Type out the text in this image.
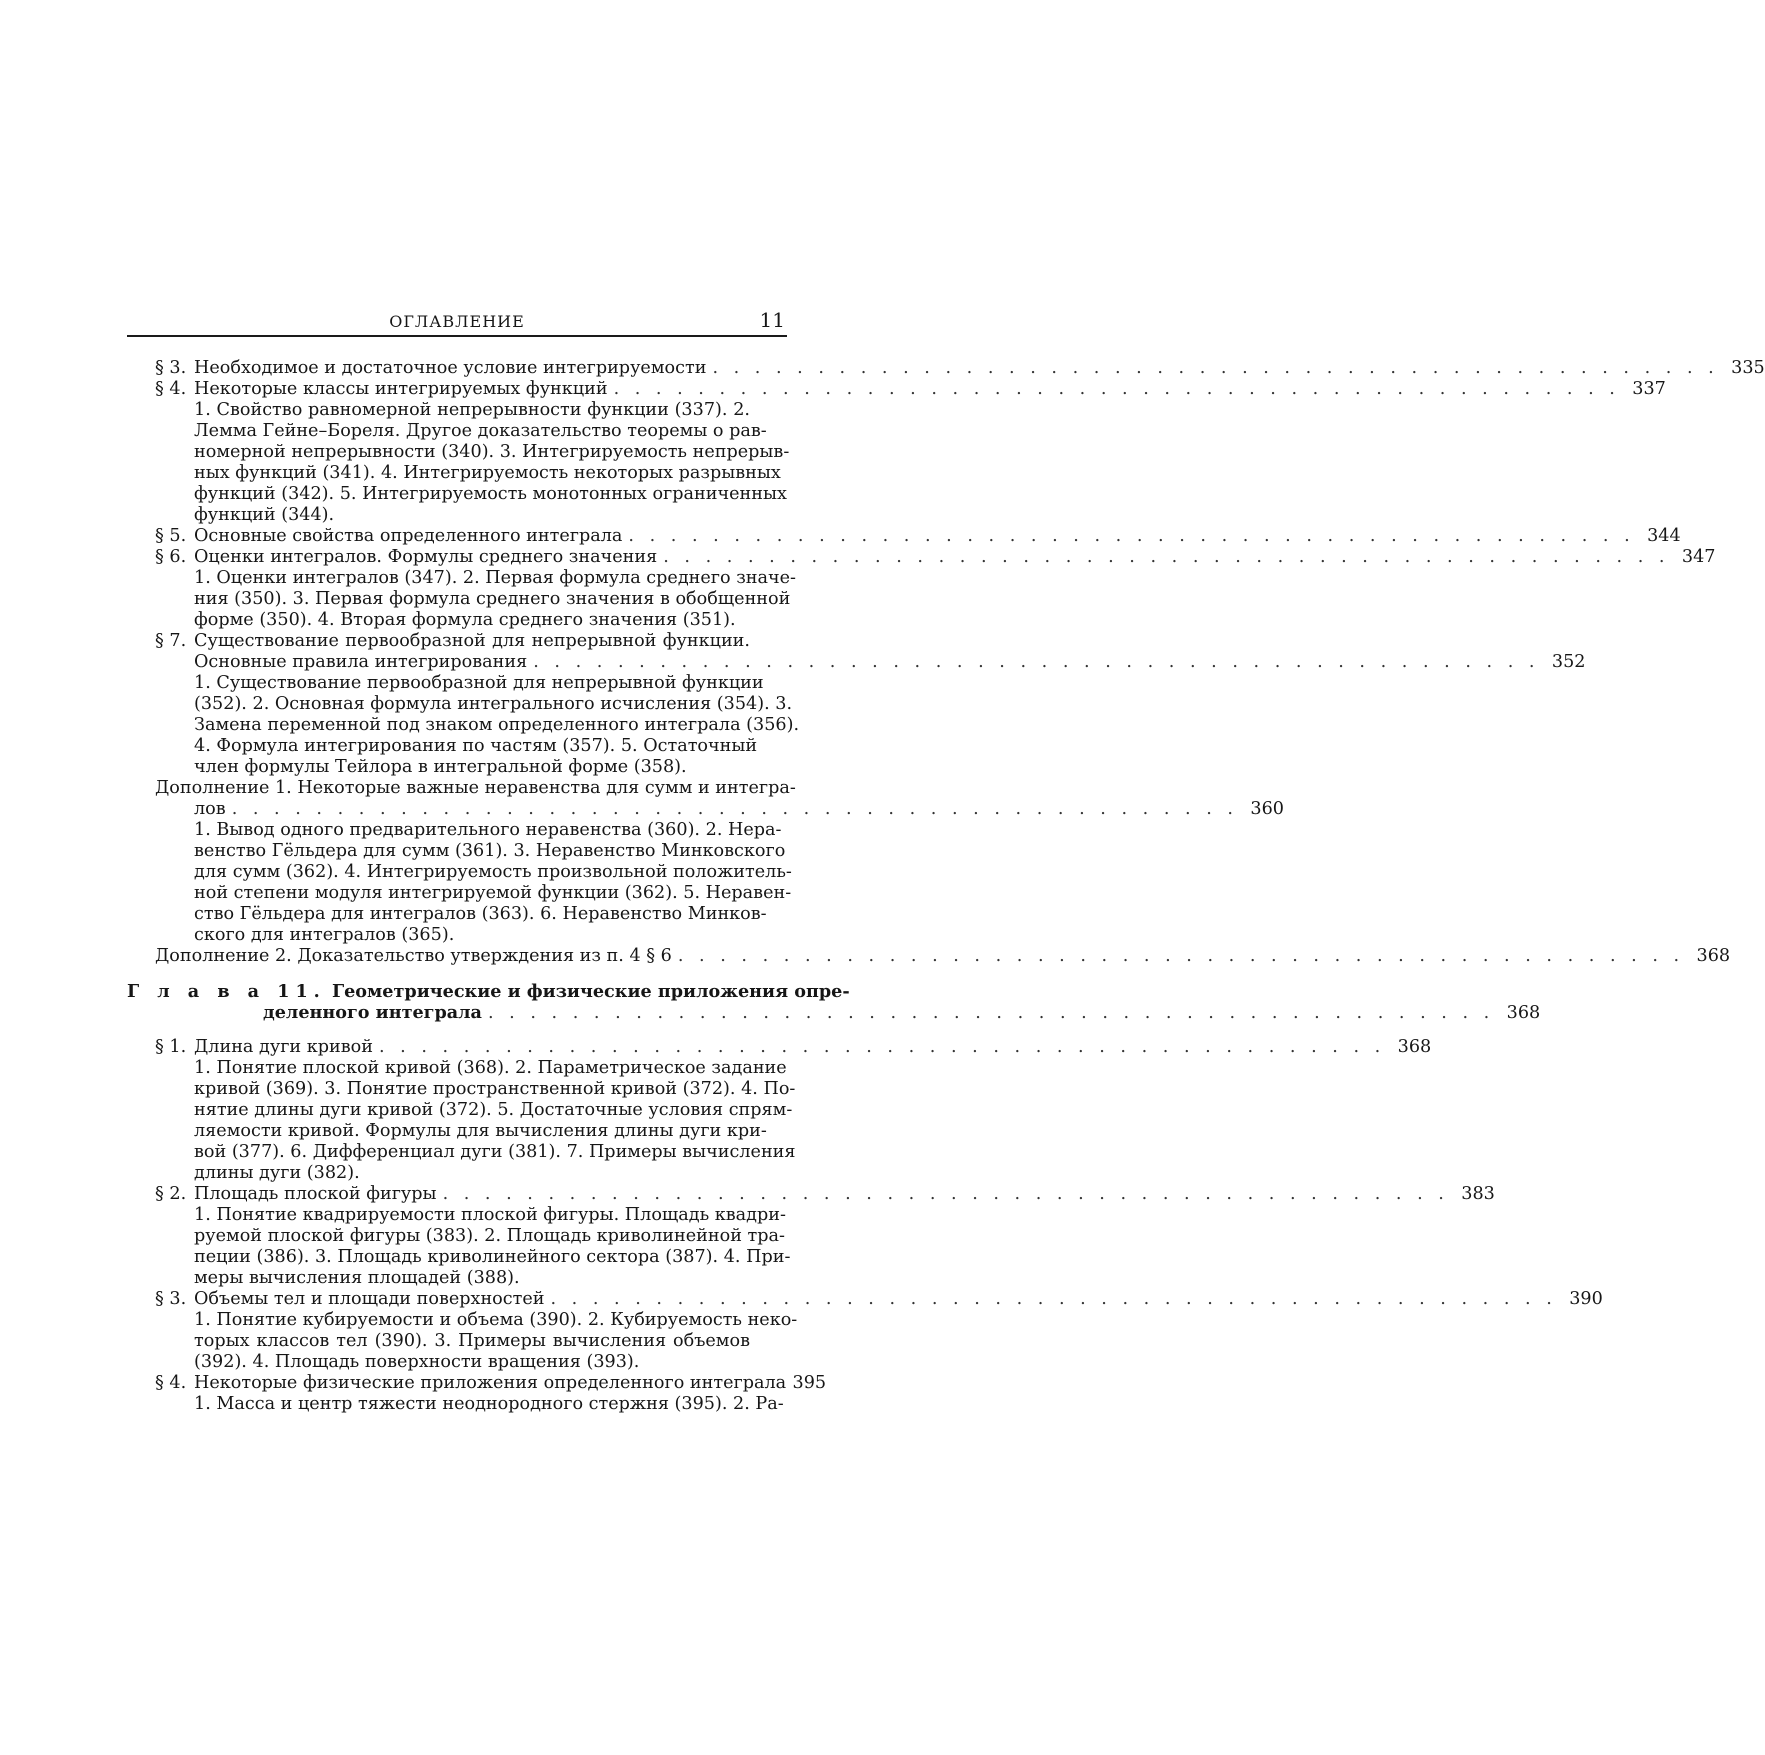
ОГЛАВЛЕНИЕ	11
§ 3. Необходимое и достаточное условие интегрируемости . . . . . . . . . . . . . . . . . . . . . . . . . . . . . . . . . . . . . . . . . . . . . . . . 335
§ 4. Некоторые классы интегрируемых функций . . . . . . . . . . . . . . . . . . . . . . . . . . . . . . . . . . . . . . . . . . . . . . . . 337
1. Свойство равномерной непрерывности функции (337). 2.
Лемма Гейне–Бореля. Другое доказательство теоремы о рав-
номерной непрерывности (340). 3. Интегрируемость непрерыв-
ных функций (341). 4. Интегрируемость некоторых разрывных
функций (342). 5. Интегрируемость монотонных ограниченных
функций (344).
§ 5. Основные свойства определенного интеграла . . . . . . . . . . . . . . . . . . . . . . . . . . . . . . . . . . . . . . . . . . . . . . . . 344
§ 6. Оценки интегралов. Формулы среднего значения . . . . . . . . . . . . . . . . . . . . . . . . . . . . . . . . . . . . . . . . . . . . . . . . 347
1. Оценки интегралов (347). 2. Первая формула среднего значе-
ния (350). 3. Первая формула среднего значения в обобщенной
форме (350). 4. Вторая формула среднего значения (351).
§ 7. Существование первообразной для непрерывной функции.
Основные правила интегрирования . . . . . . . . . . . . . . . . . . . . . . . . . . . . . . . . . . . . . . . . . . . . . . . . 352
1. Существование первообразной для непрерывной функции
(352). 2. Основная формула интегрального исчисления (354). 3.
Замена переменной под знаком определенного интеграла (356).
4. Формула интегрирования по частям (357). 5. Остаточный
член формулы Тейлора в интегральной форме (358).
Дополнение 1. Некоторые важные неравенства для сумм и интегра-
лов . . . . . . . . . . . . . . . . . . . . . . . . . . . . . . . . . . . . . . . . . . . . . . . . 360
1. Вывод одного предварительного неравенства (360). 2. Нера-
венство Гёльдера для сумм (361). 3. Неравенство Минковского
для сумм (362). 4. Интегрируемость произвольной положитель-
ной степени модуля интегрируемой функции (362). 5. Нерaвен-
ство Гёльдера для интегралов (363). 6. Неравенство Минков-
ского для интегралов (365).
Дополнение 2. Доказательство утверждения из п. 4 § 6 . . . . . . . . . . . . . . . . . . . . . . . . . . . . . . . . . . . . . . . . . . . . . . . . 368
Г л а в а 11. Геометрические и физические приложения опре-
деленного интеграла . . . . . . . . . . . . . . . . . . . . . . . . . . . . . . . . . . . . . . . . . . . . . . . . 368
§ 1. Длина дуги кривой . . . . . . . . . . . . . . . . . . . . . . . . . . . . . . . . . . . . . . . . . . . . . . . . 368
1. Понятие плоской кривой (368). 2. Параметрическое задание
кривой (369). 3. Понятие пространственной кривой (372). 4. По-
нятие длины дуги кривой (372). 5. Достаточные условия спрям-
ляемости кривой. Формулы для вычисления длины дуги кри-
вой (377). 6. Дифференциал дуги (381). 7. Примеры вычисления
длины дуги (382).
§ 2. Площадь плоской фигуры . . . . . . . . . . . . . . . . . . . . . . . . . . . . . . . . . . . . . . . . . . . . . . . . 383
1. Понятие квадрируемости плоской фигуры. Площадь квадри-
руемой плоской фигуры (383). 2. Площадь криволинейной тра-
пеции (386). 3. Площадь криволинейного сектора (387). 4. При-
меры вычисления площадей (388).
§ 3. Объемы тел и площади поверхностей . . . . . . . . . . . . . . . . . . . . . . . . . . . . . . . . . . . . . . . . . . . . . . . . 390
1. Понятие кубируемости и объема (390). 2. Кубируемость неко-
торых классов тел (390). 3. Примеры вычисления объемов
(392). 4. Площадь поверхности вращения (393).
§ 4. Некоторые физические приложения определенного интеграла 395
1. Масса и центр тяжести неоднородного стержня (395). 2. Ра-
